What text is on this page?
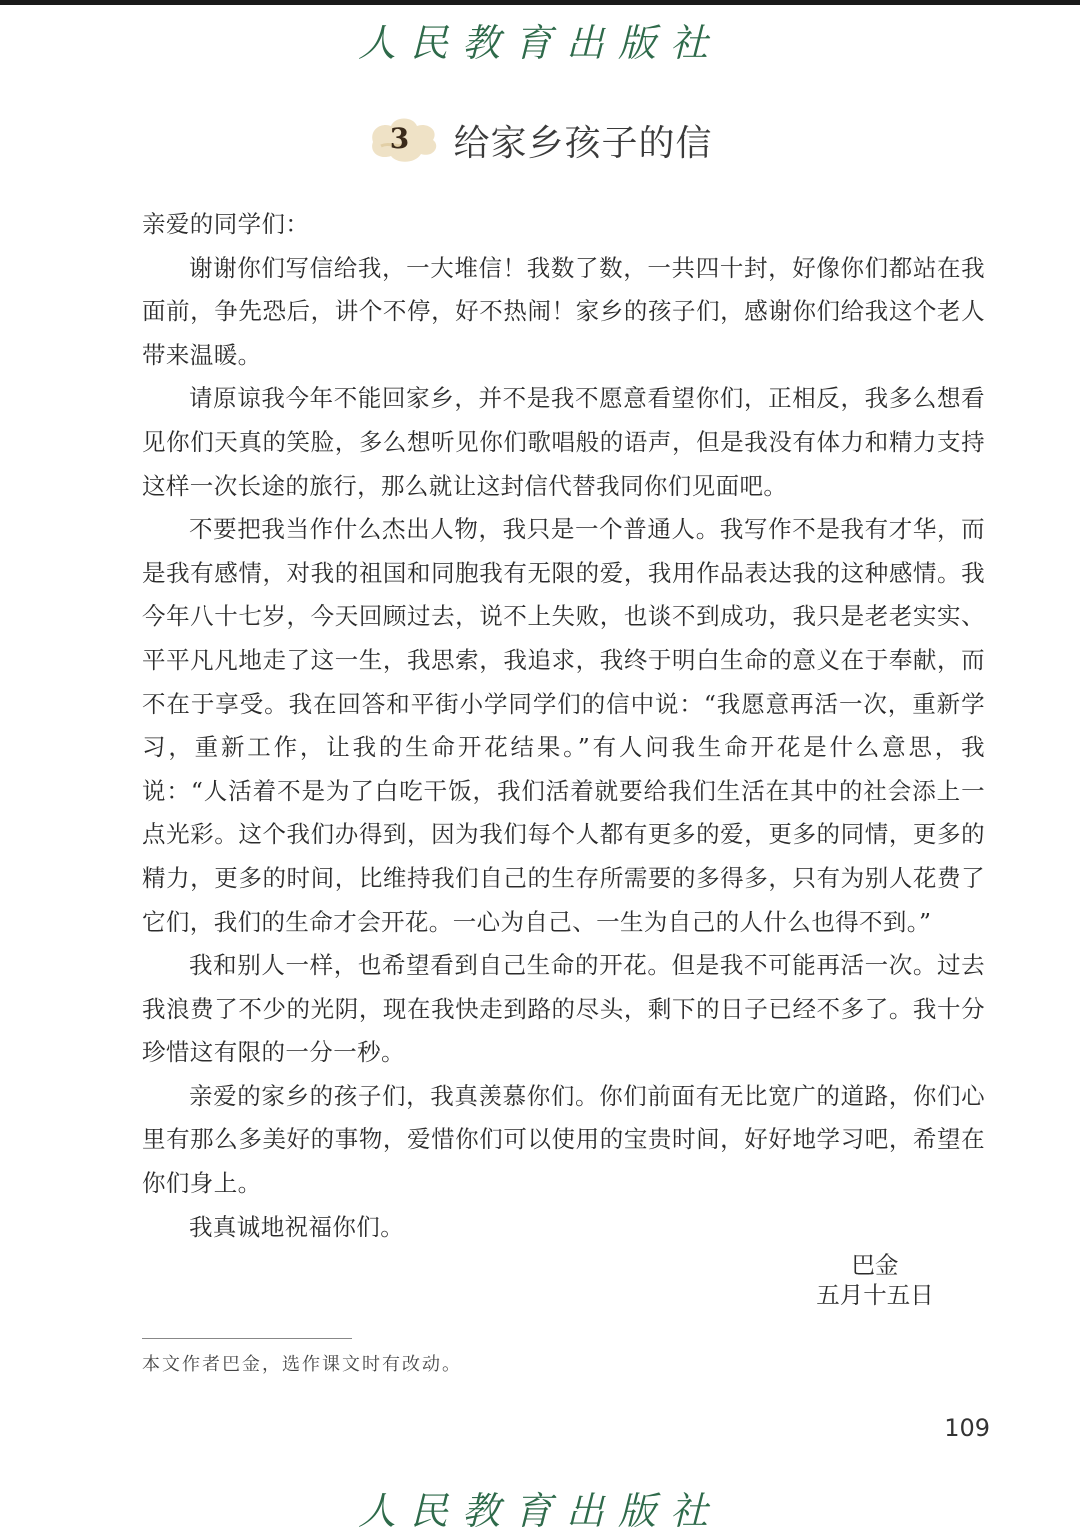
人民教育出版社
3	给家乡孩子的信

亲爱的同学们：

谢谢你们写信给我，一大堆信！我数了数，一共四十封，好像你们都站在我面前，争先恐后，讲个不停，好不热闹！家乡的孩子们，感谢你们给我这个老人带来温暖。

请原谅我今年不能回家乡，并不是我不愿意看望你们，正相反，我多么想看见你们天真的笑脸，多么想听见你们歌唱般的语声，但是我没有体力和精力支持这样一次长途的旅行，那么就让这封信代替我同你们见面吧。

不要把我当作什么杰出人物，我只是一个普通人。我写作不是我有才华，而是我有感情，对我的祖国和同胞我有无限的爱，我用作品表达我的这种感情。我今年八十七岁，今天回顾过去，说不上失败，也谈不到成功，我只是老老实实、平平凡凡地走了这一生，我思索，我追求，我终于明白生命的意义在于奉献，而不在于享受。我在回答和平街小学同学们的信中说：“我愿意再活一次，重新学习，重新工作，让我的生命开花结果。”有人问我生命开花是什么意思，我说：“人活着不是为了白吃干饭，我们活着就要给我们生活在其中的社会添上一点光彩。这个我们办得到，因为我们每个人都有更多的爱，更多的同情，更多的精力，更多的时间，比维持我们自己的生存所需要的多得多，只有为别人花费了它们，我们的生命才会开花。一心为自己、一生为自己的人什么也得不到。”

我和别人一样，也希望看到自己生命的开花。但是我不可能再活一次。过去我浪费了不少的光阴，现在我快走到路的尽头，剩下的日子已经不多了。我十分珍惜这有限的一分一秒。

亲爱的家乡的孩子们，我真羡慕你们。你们前面有无比宽广的道路，你们心里有那么多美好的事物，爱惜你们可以使用的宝贵时间，好好地学习吧，希望在你们身上。

我真诚地祝福你们。

巴金
五月十五日
本文作者巴金，选作课文时有改动。
109
人民教育出版社
